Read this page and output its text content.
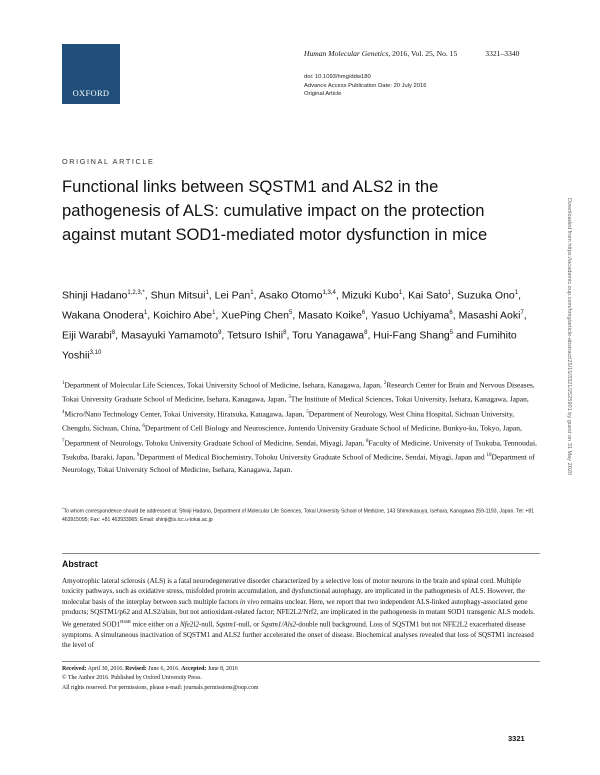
OXFORD
Human Molecular Genetics, 2016, Vol. 25, No. 15	3321–3340
doi: 10.1093/hmg/ddw180
Advance Access Publication Date: 20 July 2016
Original Article
ORIGINAL ARTICLE
Functional links between SQSTM1 and ALS2 in the pathogenesis of ALS: cumulative impact on the protection against mutant SOD1-mediated motor dysfunction in mice
Shinji Hadano$^{1,2,3,*}$, Shun Mitsui$^1$, Lei Pan$^1$, Asako Otomo$^{1,3,4}$, Mizuki Kubo$^1$, Kai Sato$^1$, Suzuka Ono$^1$, Wakana Onodera$^1$, Koichiro Abe$^1$, XuePing Chen$^5$, Masato Koike$^6$, Yasuo Uchiyama$^6$, Masashi Aoki$^7$, Eiji Warabi$^8$, Masayuki Yamamoto$^9$, Tetsuro Ishii$^8$, Toru Yanagawa$^8$, Hui-Fang Shang$^5$ and Fumihito Yoshii$^{3,10}$
$^1$Department of Molecular Life Sciences, Tokai University School of Medicine, Isehara, Kanagawa, Japan, $^2$Research Center for Brain and Nervous Diseases, Tokai University Graduate School of Medicine, Isehara, Kanagawa, Japan, $^3$The Institute of Medical Sciences, Tokai University, Isehara, Kanagawa, Japan, $^4$Micro/Nano Technology Center, Tokai University, Hiratsuka, Kanagawa, Japan, $^5$Department of Neurology, West China Hospital, Sichuan University, Chengdu, Sichuan, China, $^6$Department of Cell Biology and Neuroscience, Juntendo University Graduate School of Medicine, Bunkyo-ku, Tokyo, Japan, $^7$Department of Neurology, Tohoku University Graduate School of Medicine, Sendai, Miyagi, Japan, $^8$Faculty of Medicine, University of Tsukuba, Tennoudai, Tsukuba, Ibaraki, Japan, $^9$Department of Medical Biochemistry, Tohoku University Graduate School of Medicine, Sendai, Miyagi, Japan and $^{10}$Department of Neurology, Tokai University School of Medicine, Isehara, Kanagawa, Japan.
*To whom correspondence should be addressed at: Shinji Hadano, Department of Molecular Life Sciences, Tokai University School of Medicine, 143 Shimokasuya, Isehara, Kanagawa 259-1193, Japan. Tel: +81 463915095; Fax: +81 463933965; Email: shinji@is.icc.u-tokai.ac.jp
Abstract
Amyotrophic lateral sclerosis (ALS) is a fatal neurodegenerative disorder characterized by a selective loss of motor neurons in the brain and spinal cord. Multiple toxicity pathways, such as oxidative stress, misfolded protein accumulation, and dysfunctional autophagy, are implicated in the pathogenesis of ALS. However, the molecular basis of the interplay between such multiple factors in vivo remains unclear. Here, we report that two independent ALS-linked autophagy-associated gene products; SQSTM1/p62 and ALS2/alsin, but not antioxidant-related factor; NFE2L2/Nrf2, are implicated in the pathogenesis in mutant SOD1 transgenic ALS models. We generated $SOD1^{H46R}$ mice either on a Nfe2l2-null, Sqstm1-null, or Sqstm1/Als2-double null background. Loss of SQSTM1 but not NFE2L2 exacerbated disease symptoms. A simultaneous inactivation of SQSTM1 and ALS2 further accelerated the onset of disease. Biochemical analyses revealed that loss of SQSTM1 increased the level of
Received: April 30, 2016. Revised: June 6, 2016. Accepted: June 8, 2016
© The Author 2016. Published by Oxford University Press.
All rights reserved. For permissions, please e-mail: journals.permissions@oup.com
3321
Downloaded from https://academic.oup.com/hmg/article-abstract/25/15/3321/2525901 by guest on 31 May 2020
